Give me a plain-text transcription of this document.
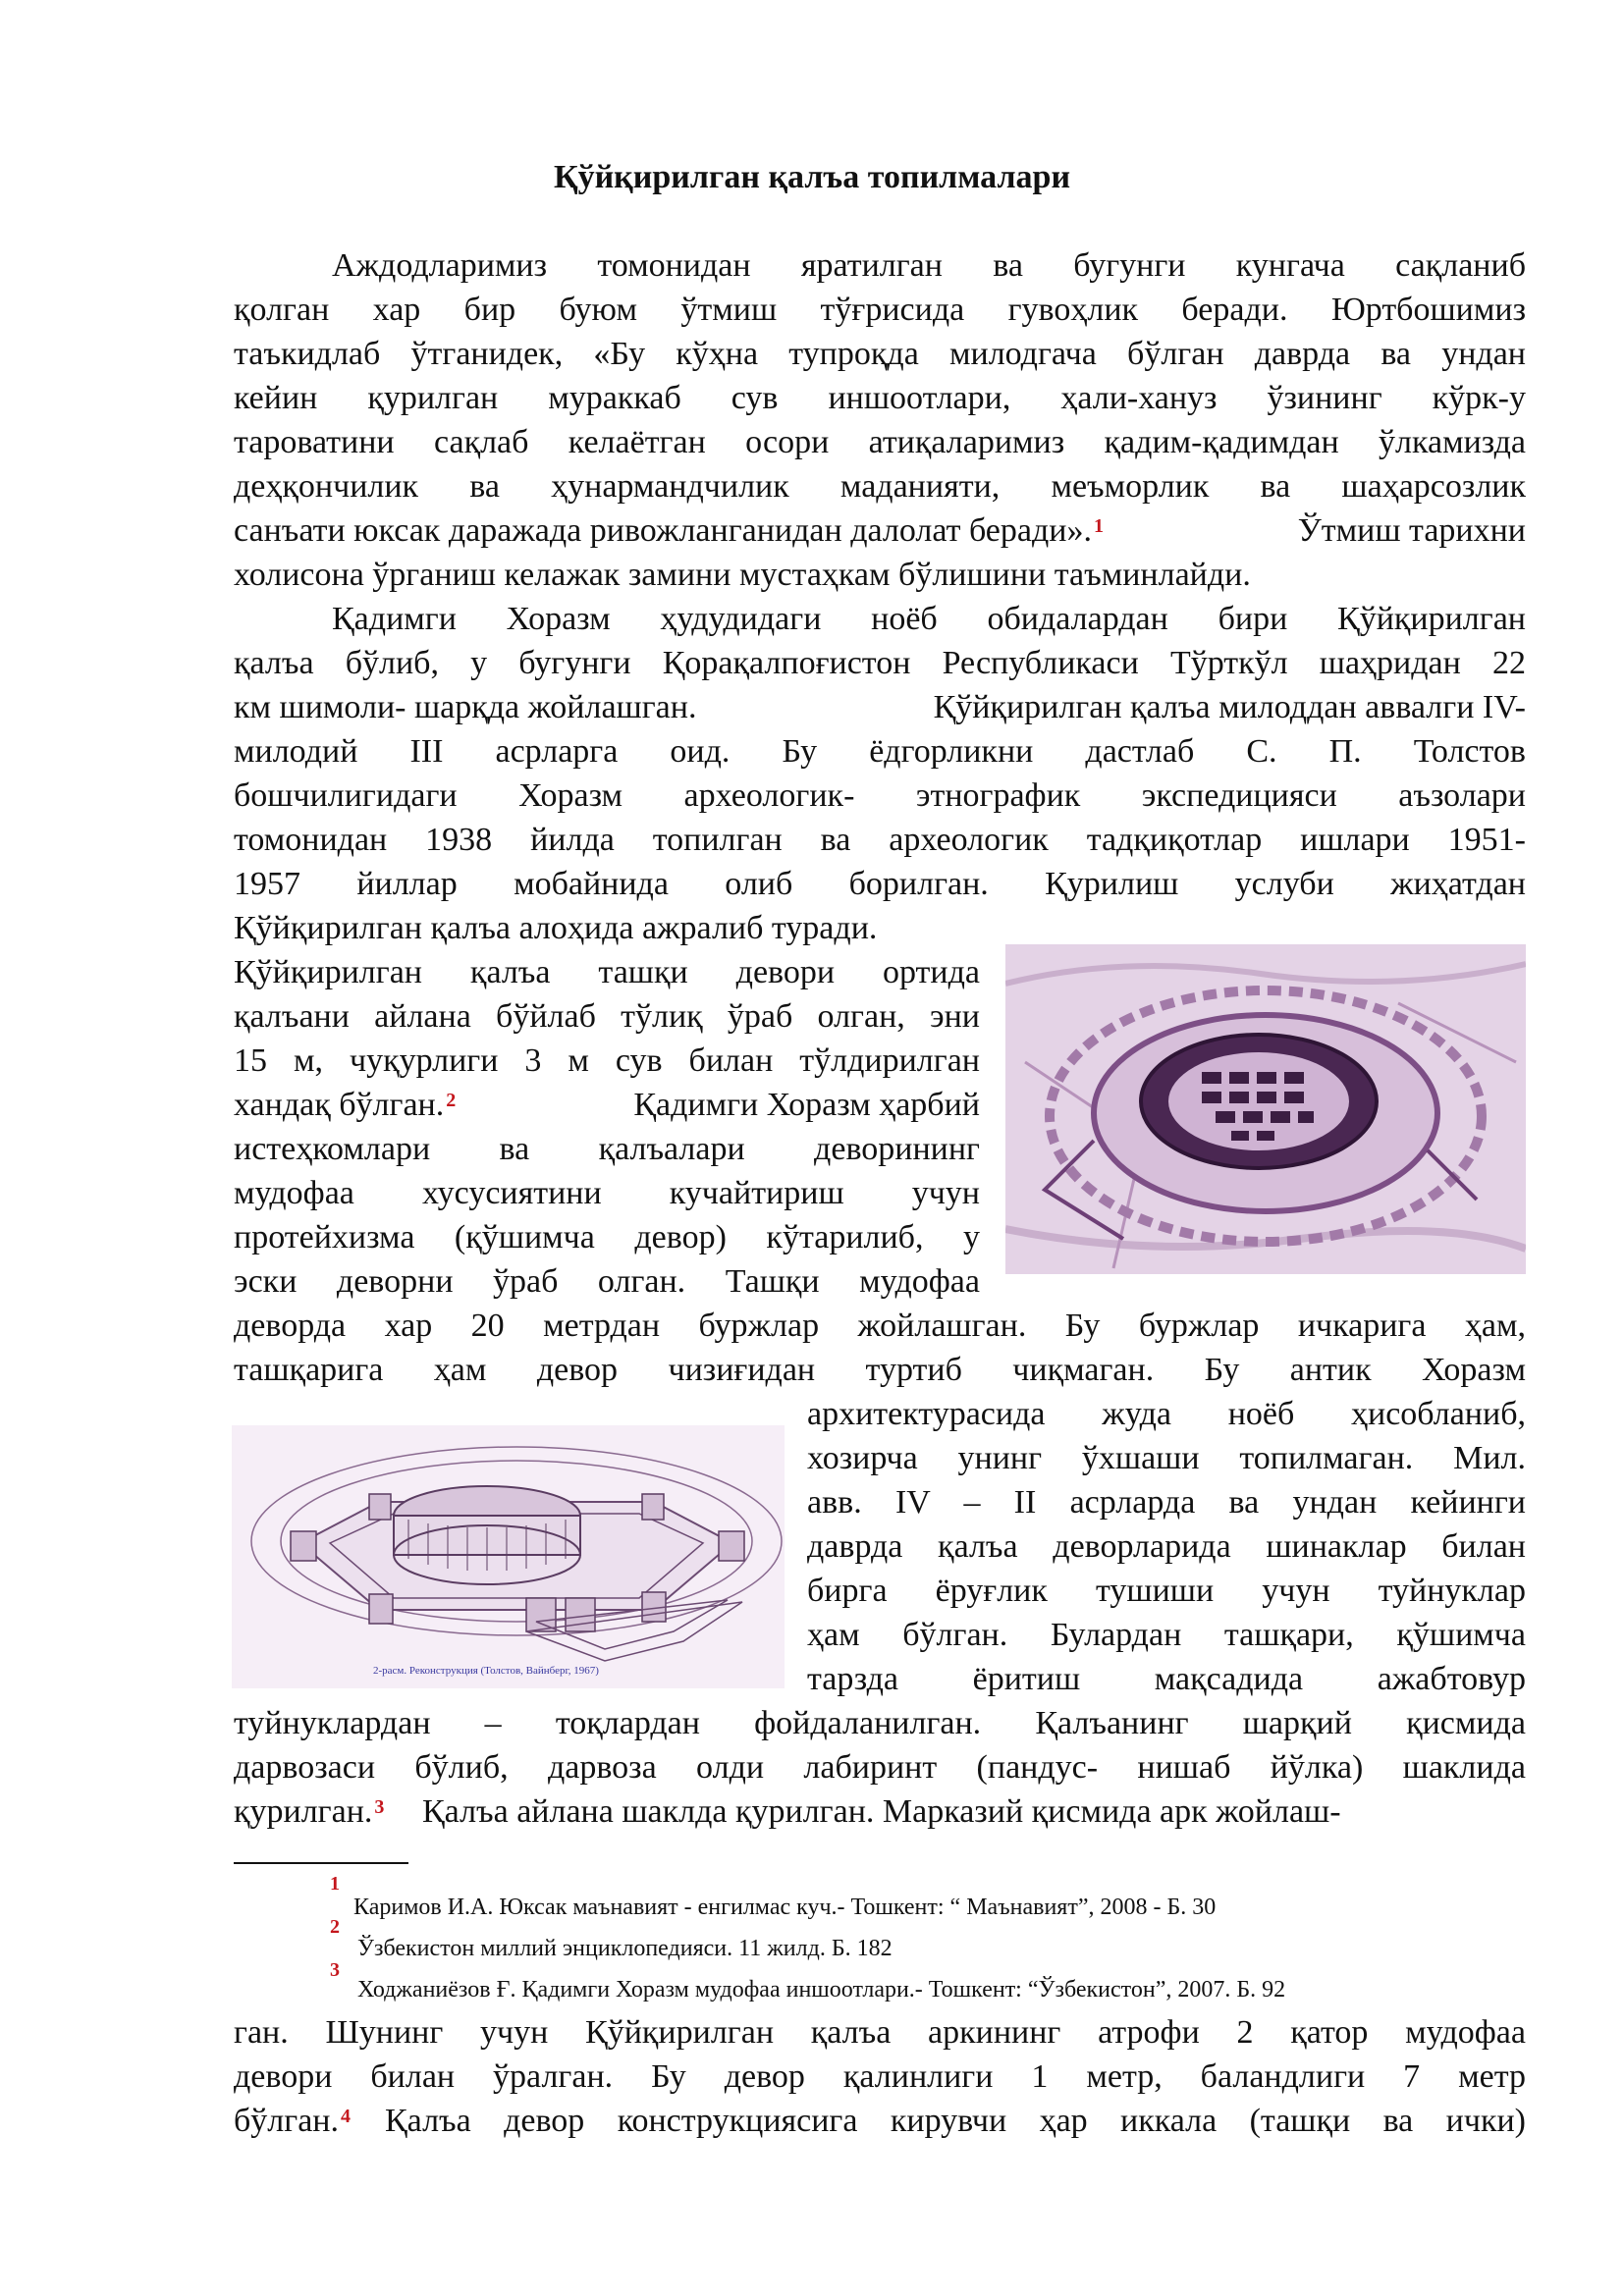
Қўйқирилган қалъа топилмалари
Аждодларимиз томонидан яратилган ва бугунги кунгача сақланиб
қолган хар бир буюм ўтмиш тўғрисида гувоҳлик беради. Юртбошимиз
таъкидлаб ўтганидек, «Бу кўҳна тупроқда милодгача бўлган даврда ва ундан
кейин қурилган мураккаб сув иншоотлари, ҳали-хануз ўзининг кўрк-у
тароватини сақлаб келаётган осори атиқаларимиз қадим-қадимдан ўлкамизда
деҳқончилик ва ҳунармандчилик маданияти, меъморлик ва шаҳарсозлик
санъати юксак даражада ривожланганидан далолат беради». $^1$	Ўтмиш тарихни
холисона ўрганиш келажак замини мустаҳкам бўлишини таъминлайди.
Қадимги Хоразм ҳудудидаги ноёб обидалардан бири Қўйқирилган
қалъа бўлиб, у бугунги Қорақалпоғистон Республикаси Тўрткўл шаҳридан 22
км шимоли- шарқда жойлашган.	Қўйқирилган қалъа милоддан аввалги IV-
милодий III асрларга оид. Бу ёдгорликни дастлаб С. П. Толстов
бошчилигидаги Хоразм археологик- этнографик экспедицияси аъзолари
томонидан 1938 йилда топилган ва археологик тадқиқотлар ишлари 1951-
1957 йиллар мобайнида олиб борилган. Қурилиш услуби жиҳатдан
Қўйқирилган қалъа алоҳида ажралиб туради.
Қўйқирилган қалъа ташқи девори ортида
қалъани айлана бўйлаб тўлиқ ўраб олган, эни
15 м, чуқурлиги 3 м сув билан тўлдирилган
хандақ бўлган. $^2$	Қадимги Хоразм ҳарбий
истеҳкомлари ва қалъалари деворининг
мудофаа хусусиятини кучайтириш учун
протейхизма (қўшимча девор) кўтарилиб, у
эски деворни ўраб олган. Ташқи мудофаа
деворда хар 20 метрдан буржлар жойлашган. Бу буржлар ичкарига ҳам,
ташқарига ҳам девор чизиғидан туртиб чиқмаган. Бу антик Хоразм
архитектурасида жуда ноёб ҳисобланиб,
хозирча унинг ўхшаши топилмаган. Мил.
авв. IV – II асрларда ва ундан кейинги
даврда қалъа деворларида шинаклар билан
бирга ёруғлик тушиши учун туйнуклар
ҳам бўлган. Булардан ташқари, қўшимча
тарзда ёритиш мақсадида ажабтовур
туйнуклардан – тоқлардан фойдаланилган. Қалъанинг шарқий қисмида
дарвозаси бўлиб, дарвоза олди лабиринт (пандус- нишаб йўлка) шаклида
қурилган. $^3$	Қалъа айлана шаклда қурилган. Марказий қисмида арк жойлаш-
ган. Шунинг учун Қўйқирилган қалъа аркининг атрофи 2 қатор мудофаа
девори билан ўралган. Бу девор қалинлиги 1 метр, баландлиги 7 метр
бўлган. $^4$	Қалъа девор конструкциясига кирувчи ҳар иккала (ташқи ва ички)
2-расм. Реконструкция (Толстов, Вайнберг, 1967)
1
Каримов И.А. Юксак маънавият - енгилмас куч.- Тошкент: “ Маънавият”, 2008 - Б. 30
2
Ўзбекистон миллий энциклопедияси. 11 жилд. Б. 182
3
Ходжаниёзов Ғ. Қадимги Хоразм мудофаа иншоотлари.- Тошкент: “Ўзбекистон”, 2007. Б. 92
